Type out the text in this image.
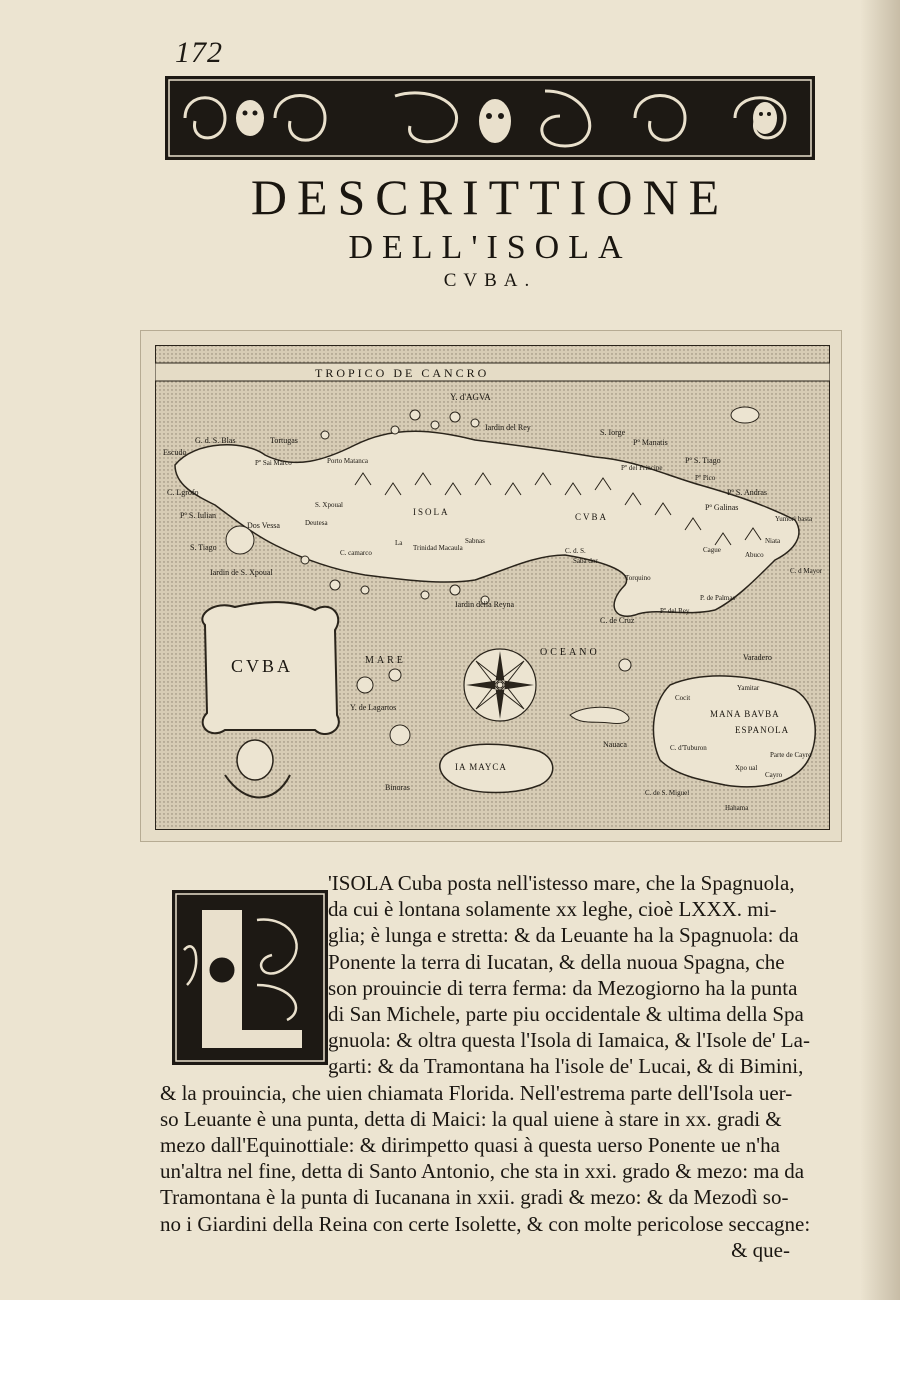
172
DESCRITTIONE
DELL'ISOLA
CVBA.
TROPICO DE CANCRO
CVBA
Y. d'AGVA
Iardin del Rey
S. Iorge
Escudo
G. d. S. Blas	Tortugas	Pº Manatis
Pº S. Tiago
Pº Sai Marco	Porto Matanca
Pº del Principe
Pº Pico
C. Lgrofo	Pº S. Andras
Pº S. Iulian
Dos Vessa
S. Xpoual
Deutesa
ISOLA	CVBA
Pº Galinas
Yumori basta
S. Tiago	La
C. camarco
Trinidad Macaula
Sabnas
Saba dor
C. d. S.	Cague
Niata
Abuco
C. d Mayor
Iardin de S. Xpoual
Iardin della Reyna
Torquino
Pº del Rey
P. de Palmas
C. de Cruz
MARE
OCEANO	Varadero
Y. de Lagartos
Cocit
Yamitar
MANA BAVBA
ESPANOLA
Nauaca	C. d'Tuburon
Xpo ual
Parte de Cayro
Cayro
IA MAYCA
Binoras
C. de S. Miguel
Hahama
'ISOLA Cuba posta nell'istesso mare, che la Spagnuola,
da cui è lontana solamente xx leghe, cioè LXXX. mi-
glia; è lunga e stretta: & da Leuante ha la Spagnuola: da
Ponente la terra di Iucatan, & della nuoua Spagna, che
son prouincie di terra ferma: da Mezogiorno ha la punta
di San Michele, parte piu occidentale & ultima della Spa
gnuola: & oltra questa l'Isola di Iamaica, & l'Isole de' La-
garti: & da Tramontana ha l'isole de' Lucai, & di Bimini,
& la prouincia, che uien chiamata Florida. Nell'estrema parte dell'Isola uer-
so Leuante è una punta, detta di Maici: la qual uiene à stare in xx. gradi &
mezo dall'Equinottiale: & dirimpetto quasi à questa uerso Ponente ue n'ha
un'altra nel fine, detta di Santo Antonio, che sta in xxi. grado & mezo: ma da
Tramontana è la punta di Iucanana in xxii. gradi & mezo: & da Mezodì so-
no i Giardini della Reina con certe Isolette, & con molte pericolose seccagne:
& que-
